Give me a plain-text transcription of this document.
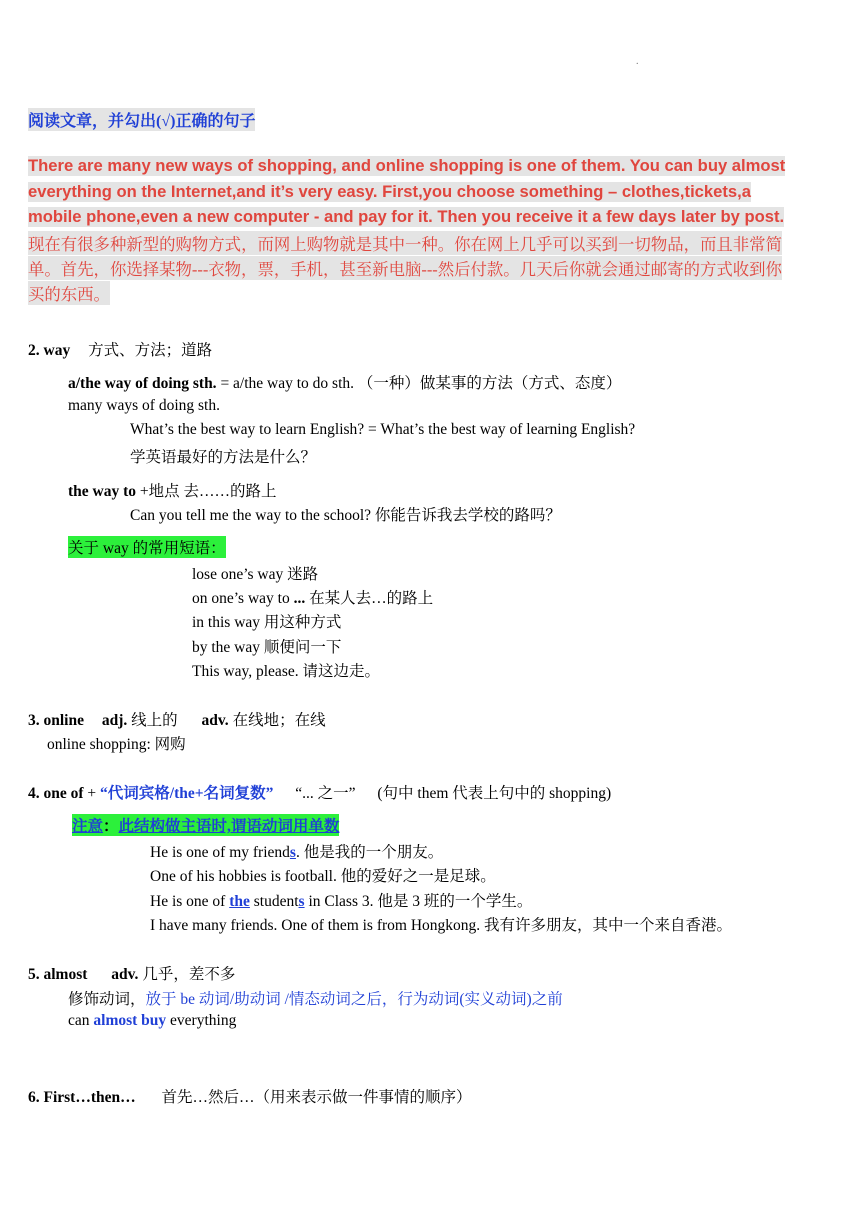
.
阅读文章，并勾出(√)正确的句子
There are many new ways of shopping, and online shopping is one of them. You can buy almost
everything on the Internet,and it’s very easy. First,you choose something – clothes,tickets,a
mobile phone,even a new computer - and pay for it. Then you receive it a few days later by post.
现在有很多种新型的购物方式，而网上购物就是其中一种。你在网上几乎可以买到一切物品，而且非常简
单。首先，你选择某物---衣物，票，手机，甚至新电脑---然后付款。几天后你就会通过邮寄的方式收到你
买的东西。
2. way 方式、方法；道路
a/the way of doing sth. = a/the way to do sth. （一种）做某事的方法（方式、态度）
many ways of doing sth.
What’s the best way to learn English? = What’s the best way of learning English?
学英语最好的方法是什么？
the way to +地点 去……的路上
Can you tell me the way to the school? 你能告诉我去学校的路吗？
关于 way 的常用短语：
lose one’s way 迷路
on one’s way to ... 在某人去…的路上
in this way 用这种方式
by the way 顺便问一下
This way, please. 请这边走。
3. online adj. 线上的 adv. 在线地；在线
online shopping: 网购
4. one of + “代词宾格/the+名词复数” “... 之一” (句中 them 代表上句中的 shopping)
注意：此结构做主语时,谓语动词用单数
He is one of my friends. 他是我的一个朋友。
One of his hobbies is football. 他的爱好之一是足球。
He is one of the students in Class 3. 他是 3 班的一个学生。
I have many friends. One of them is from Hongkong. 我有许多朋友，其中一个来自香港。
5. almost adv. 几乎，差不多
修饰动词，放于 be 动词/助动词 /情态动词之后，行为动词(实义动词)之前
can almost buy everything
6. First…then… 首先…然后…（用来表示做一件事情的顺序）
